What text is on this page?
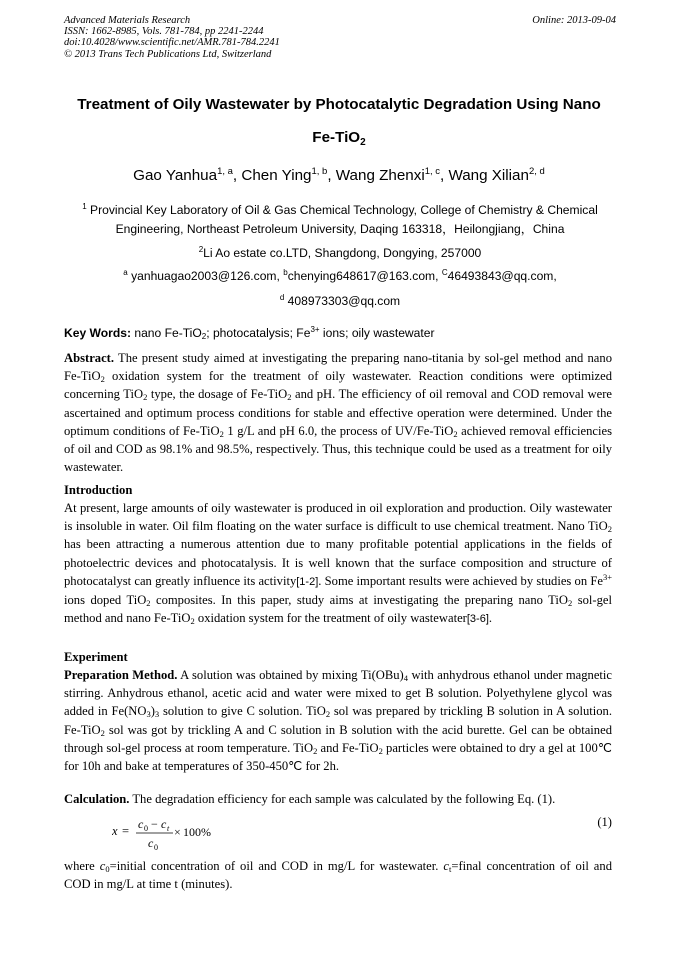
Advanced Materials Research
ISSN: 1662-8985, Vols. 781-784, pp 2241-2244
doi:10.4028/www.scientific.net/AMR.781-784.2241
© 2013 Trans Tech Publications Ltd, Switzerland
Online: 2013-09-04
Treatment of Oily Wastewater by Photocatalytic Degradation Using Nano
Fe-TiO$_2$
Gao Yanhua$^{1, a}$, Chen Ying$^{1, b}$, Wang Zhenxi$^{1, c}$, Wang Xilian$^{2, d}$
$^1$ Provincial Key Laboratory of Oil & Gas Chemical Technology, College of Chemistry & Chemical Engineering, Northeast Petroleum University, Daqing 163318，Heilongjiang，China
$^2$Li Ao estate co.LTD, Shangdong, Dongying, 257000
$^a$ yanhuagao2003@126.com, $^b$chenying648617@163.com, $^C$46493843@qq.com,
$^d$ 408973303@qq.com
Key Words: nano Fe-TiO$_2$; photocatalysis; $Fe^{3+}$ ions; oily wastewater
Abstract. The present study aimed at investigating the preparing nano-titania by sol-gel method and nano Fe-TiO$_2$ oxidation system for the treatment of oily wastewater. Reaction conditions were optimized concerning TiO$_2$ type, the dosage of Fe-TiO$_2$ and pH. The efficiency of oil removal and COD removal were ascertained and optimum process conditions for stable and effective operation were determined. Under the optimum conditions of Fe-TiO$_2$ 1 g/L and pH 6.0, the process of UV/Fe-TiO$_2$ achieved removal efficiencies of oil and COD as 98.1% and 98.5%, respectively. Thus, this technique could be used as a treatment for oily wastewater.
Introduction
At present, large amounts of oily wastewater is produced in oil exploration and production. Oily wastewater is insoluble in water. Oil film floating on the water surface is difficult to use chemical treatment. Nano TiO$_2$ has been attracting a numerous attention due to many profitable potential applications in the fields of photoelectric devices and photocatalysis. It is well known that the surface composition and structure of photocatalyst can greatly influence its activity[1-2]. Some important results were achieved by studies on $Fe^{3+}$ ions doped TiO$_2$ composites. In this paper, study aims at investigating the preparing nano TiO$_2$ sol-gel method and nano Fe-TiO$_2$ oxidation system for the treatment of oily wastewater[3-6].
Experiment
Preparation Method. A solution was obtained by mixing $Ti(OBu)_4$ with anhydrous ethanol under magnetic stirring. Anhydrous ethanol, acetic acid and water were mixed to get B solution. Polyethylene glycol was added in $Fe(NO_3)_3$ solution to give C solution. TiO$_2$ sol was prepared by trickling B solution in A solution. Fe-TiO$_2$ sol was got by trickling A and C solution in B solution with the acid burette. Gel can be obtained through sol-gel process at room temperature. TiO$_2$ and Fe-TiO$_2$ particles were obtained to dry a gel at 100℃ for 10h and bake at temperatures of 350-450℃ for 2h.
Calculation. The degradation efficiency for each sample was calculated by the following Eq. (1).
x = c 0 − c t
c 0
× 100%
(1)
where $c_0=initial$ concentration of oil and COD in mg/L for wastewater. $c_t=final$ concentration of oil and COD in mg/L at time t (minutes).
